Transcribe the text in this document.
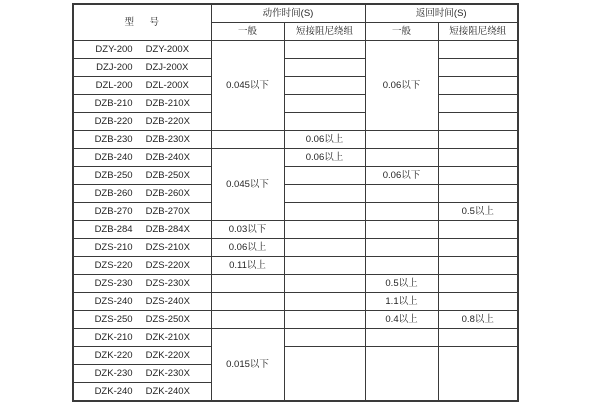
型    号	动作时间(S)		返回时间(S)	
	一般	短接阻尼绕组	一般	短接阻尼绕组
DZY-200 DZY-200X	0.045以下		0.06以下	
DZJ-200 DZJ-200X				
DZL-200 DZL-200X				
DZB-210 DZB-210X				
DZB-220 DZB-220X				
DZB-230 DZB-230X		0.06以上		
DZB-240 DZB-240X	0.045以下	0.06以上		
DZB-250 DZB-250X			0.06以下	
DZB-260 DZB-260X				
DZB-270 DZB-270X				0.5以上
DZB-284 DZB-284X	0.03以下			
DZS-210 DZS-210X	0.06以上			
DZS-220 DZS-220X	0.11以上			
DZS-230 DZS-230X			0.5以上	
DZS-240 DZS-240X			1.1以上	
DZS-250 DZS-250X			0.4以上	0.8以上
DZK-210 DZK-210X	0.015以下			
DZK-220 DZK-220X				
DZK-230 DZK-230X				
DZK-240 DZK-240X				
